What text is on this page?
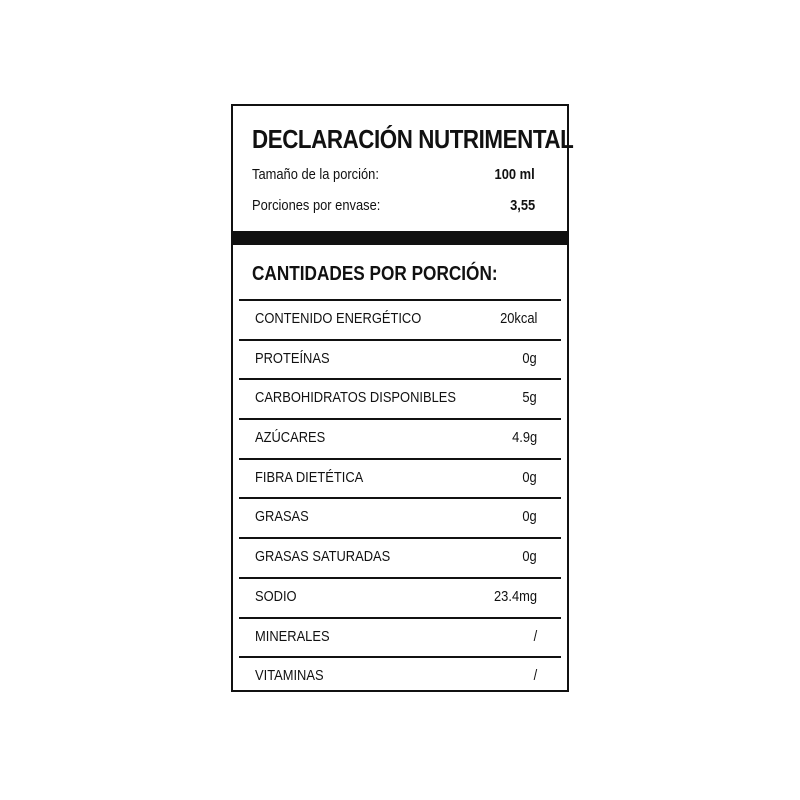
DECLARACIÓN NUTRIMENTAL
Tamaño de la porción:	100 ml
Porciones por envase:	3,55
CANTIDADES POR PORCIÓN:
CONTENIDO ENERGÉTICO	20kcal
PROTEÍNAS	0g
CARBOHIDRATOS DISPONIBLES	5g
AZÚCARES	4.9g
FIBRA DIETÉTICA	0g
GRASAS	0g
GRASAS SATURADAS	0g
SODIO	23.4mg
MINERALES	/
VITAMINAS	/
